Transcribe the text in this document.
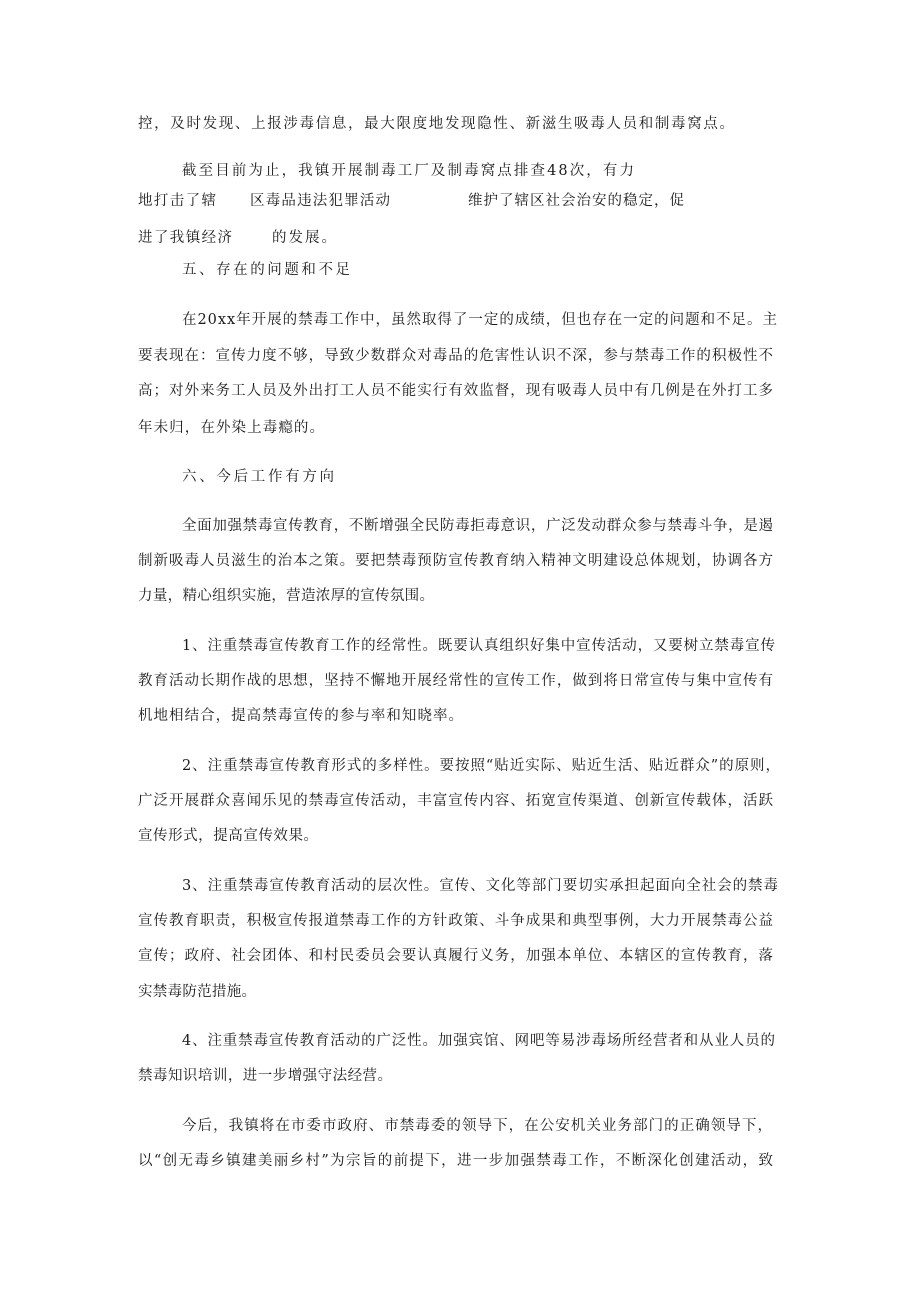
控，及时发现、上报涉毒信息，最大限度地发现隐性、新滋生吸毒人员和制毒窝点。
截至目前为止，我镇开展制毒工厂及制毒窝点排查48次，有力
地打击了辖 区毒品违法犯罪活动	维护了辖区社会治安的稳定，促
进了我镇经济	的发展。
五、存在的问题和不足
在20xx年开展的禁毒工作中，虽然取得了一定的成绩，但也存在一定的问题和不足。主
要表现在：宣传力度不够，导致少数群众对毒品的危害性认识不深，参与禁毒工作的积极性不
高；对外来务工人员及外出打工人员不能实行有效监督，现有吸毒人员中有几例是在外打工多
年未归，在外染上毒瘾的。
六、今后工作有方向
全面加强禁毒宣传教育，不断增强全民防毒拒毒意识，广泛发动群众参与禁毒斗争，是遏
制新吸毒人员滋生的治本之策。要把禁毒预防宣传教育纳入精神文明建设总体规划，协调各方
力量，精心组织实施，营造浓厚的宣传氛围。
1、注重禁毒宣传教育工作的经常性。既要认真组织好集中宣传活动，又要树立禁毒宣传
教育活动长期作战的思想，坚持不懈地开展经常性的宣传工作，做到将日常宣传与集中宣传有
机地相结合，提高禁毒宣传的参与率和知晓率。
2、注重禁毒宣传教育形式的多样性。要按照“贴近实际、贴近生活、贴近群众”的原则，
广泛开展群众喜闻乐见的禁毒宣传活动，丰富宣传内容、拓宽宣传渠道、创新宣传载体，活跃
宣传形式，提高宣传效果。
3、注重禁毒宣传教育活动的层次性。宣传、文化等部门要切实承担起面向全社会的禁毒
宣传教育职责，积极宣传报道禁毒工作的方针政策、斗争成果和典型事例，大力开展禁毒公益
宣传；政府、社会团体、和村民委员会要认真履行义务，加强本单位、本辖区的宣传教育，落
实禁毒防范措施。
4、注重禁毒宣传教育活动的广泛性。加强宾馆、网吧等易涉毒场所经营者和从业人员的
禁毒知识培训，进一步增强守法经营。
今后，我镇将在市委市政府、市禁毒委的领导下，在公安机关业务部门的正确领导下，
以“创无毒乡镇建美丽乡村”为宗旨的前提下，进一步加强禁毒工作，不断深化创建活动，致
